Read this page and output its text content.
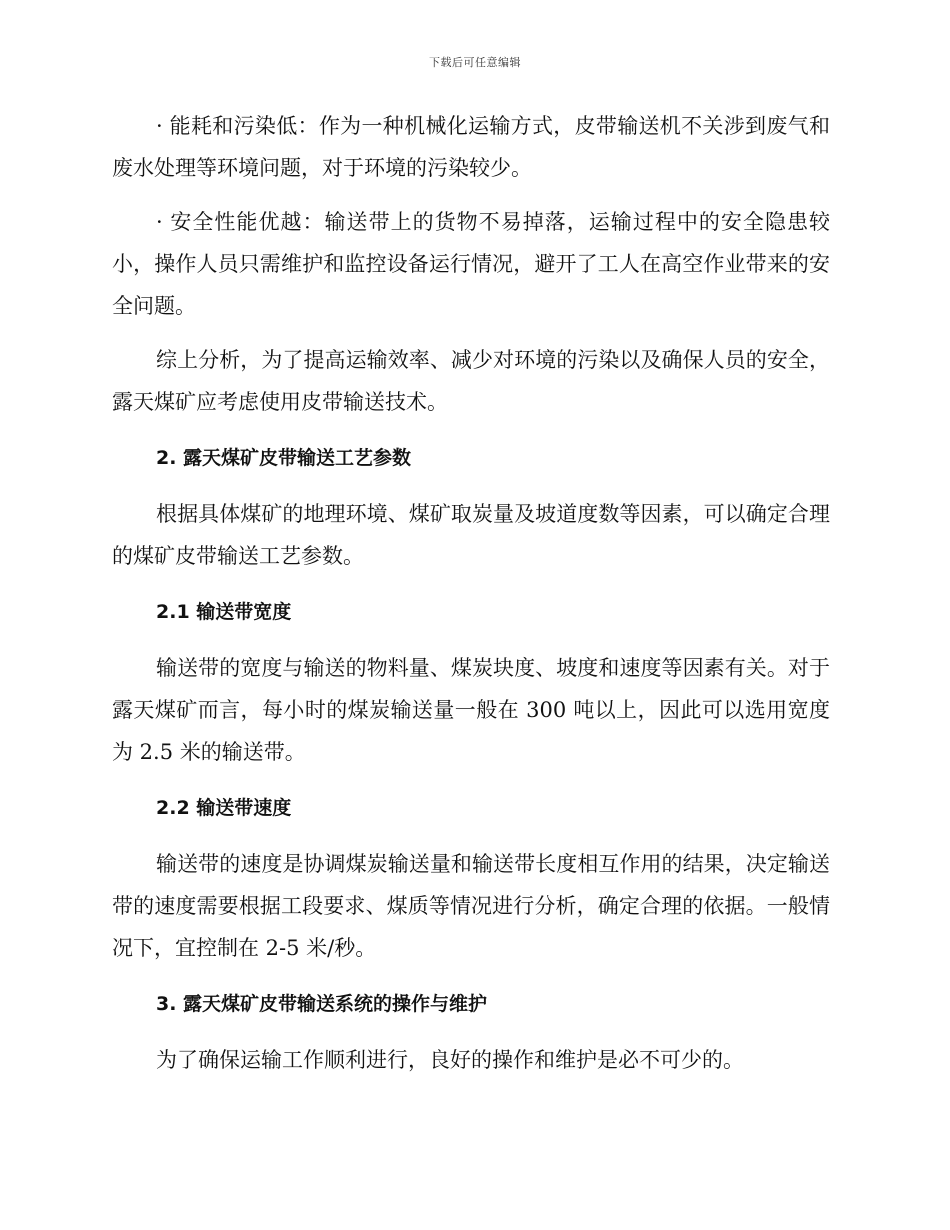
下载后可任意编辑

· 能耗和污染低：作为一种机械化运输方式，皮带输送机不关涉到废气和废水处理等环境问题，对于环境的污染较少。

· 安全性能优越：输送带上的货物不易掉落，运输过程中的安全隐患较小，操作人员只需维护和监控设备运行情况，避开了工人在高空作业带来的安全问题。

综上分析，为了提高运输效率、减少对环境的污染以及确保人员的安全，露天煤矿应考虑使用皮带输送技术。

2. 露天煤矿皮带输送工艺参数

根据具体煤矿的地理环境、煤矿取炭量及坡道度数等因素，可以确定合理的煤矿皮带输送工艺参数。

2.1 输送带宽度

输送带的宽度与输送的物料量、煤炭块度、坡度和速度等因素有关。对于露天煤矿而言，每小时的煤炭输送量一般在 300 吨以上，因此可以选用宽度为 2.5 米的输送带。

2.2 输送带速度

输送带的速度是协调煤炭输送量和输送带长度相互作用的结果，决定输送带的速度需要根据工段要求、煤质等情况进行分析，确定合理的依据。一般情况下，宜控制在 2-5 米/秒。

3. 露天煤矿皮带输送系统的操作与维护

为了确保运输工作顺利进行，良好的操作和维护是必不可少的。
